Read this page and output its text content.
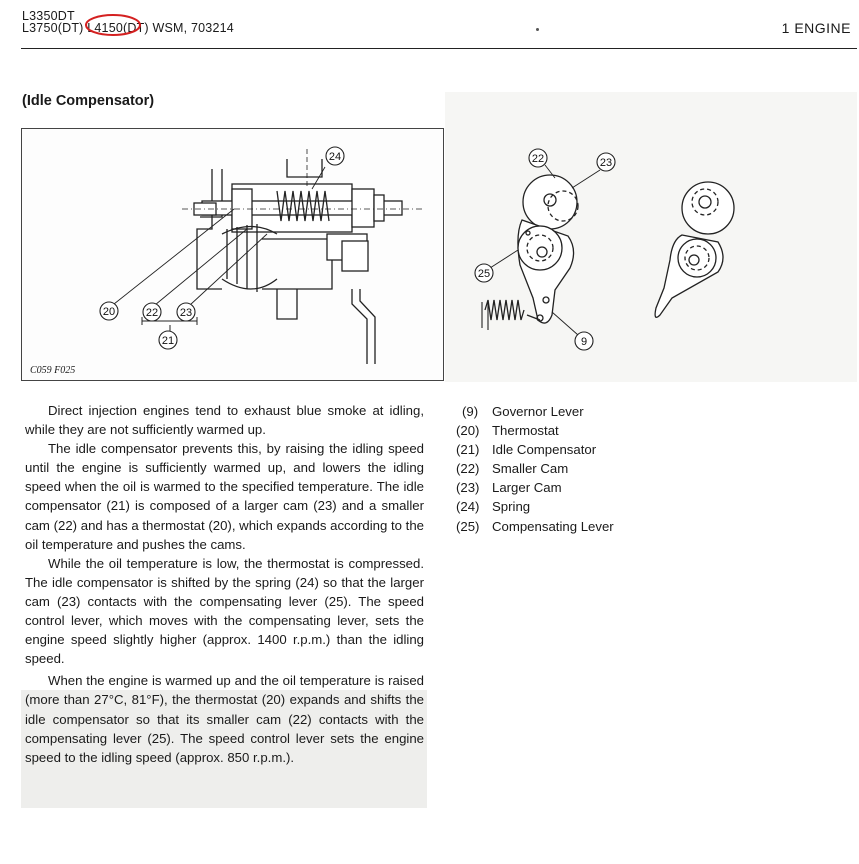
L3350DT
L3750(DT) L4150(DT) WSM, 703214	1 ENGINE
(Idle Compensator)
24
20	22 23
21
C059 F025
22	23
25
9

Direct injection engines tend to exhaust blue smoke at idling, while they are not sufficiently warmed up.

The idle compensator prevents this, by raising the idling speed until the engine is sufficiently warmed up, and lowers the idling speed when the oil is warmed to the specified temperature. The idle compensator (21) is composed of a larger cam (23) and a smaller cam (22) and has a thermostat (20), which expands according to the oil temperature and pushes the cams.

While the oil temperature is low, the thermostat is compressed. The idle compensator is shifted by the spring (24) so that the larger cam (23) contacts with the compensating lever (25). The speed control lever, which moves with the compensating lever, sets the engine speed slightly higher (approx. 1400 r.p.m.) than the idling speed.

When the engine is warmed up and the oil temperature is raised (more than 27°C, 81°F), the thermostat (20) expands and shifts the idle compensator so that its smaller cam (22) contacts with the compensating lever (25). The speed control lever sets the engine speed to the idling speed (approx. 850 r.p.m.).

(9) Governor Lever
(20) Thermostat
(21) Idle Compensator
(22) Smaller Cam
(23) Larger Cam
(24) Spring
(25) Compensating Lever
